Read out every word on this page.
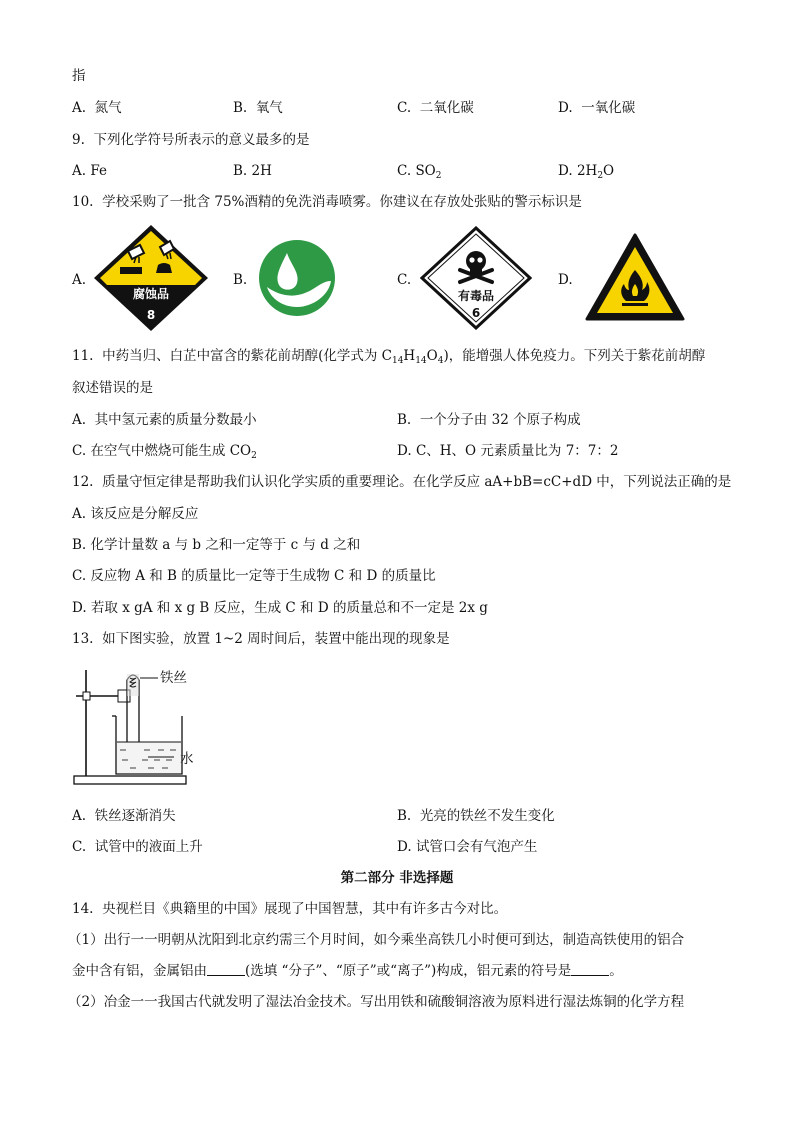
指
A. 氮气	B. 氧气	C. 二氧化碳	D. 一氧化碳
9. 下列化学符号所表示的意义最多的是
A. Fe	B. 2H	C. $SO_2$	D. $2H_2O$
10. 学校采购了一批含 75%酒精的免洗消毒喷雾。你建议在存放处张贴的警示标识是
A.
腐蚀品
8
B.	C.
有毒品
6
D.
11. 中药当归、白芷中富含的紫花前胡醇(化学式为 $C_{14}H_{14}O_4$)，能增强人体免疫力。下列关于紫花前胡醇
叙述错误的是
A. 其中氢元素的质量分数最小	B. 一个分子由 32 个原子构成
C. 在空气中燃烧可能生成 $CO_2$	D. C、H、O 元素质量比为 7：7：2
12. 质量守恒定律是帮助我们认识化学实质的重要理论。在化学反应 aA+bB=cC+dD 中，下列说法正确的是
A. 该反应是分解反应
B. 化学计量数 a 与 b 之和一定等于 c 与 d 之和
C. 反应物 A 和 B 的质量比一定等于生成物 C 和 D 的质量比
D. 若取 x gA 和 x g B 反应，生成 C 和 D 的质量总和不一定是 2x g
13. 如下图实验，放置 1~2 周时间后，装置中能出现的现象是
铁丝
水
A. 铁丝逐渐消失	B. 光亮的铁丝不发生变化
C. 试管中的液面上升	D. 试管口会有气泡产生
第二部分 非选择题
14. 央视栏目《典籍里的中国》展现了中国智慧，其中有许多古今对比。
（1）出行一一明朝从沈阳到北京约需三个月时间，如今乘坐高铁几小时便可到达，制造高铁使用的铝合
金中含有铝，金属铝由	(选填 “分子”、“原子”或“离子”)构成，铝元素的符号是	。
（2）冶金一一我国古代就发明了湿法冶金技术。写出用铁和硫酸铜溶液为原料进行湿法炼铜的化学方程
